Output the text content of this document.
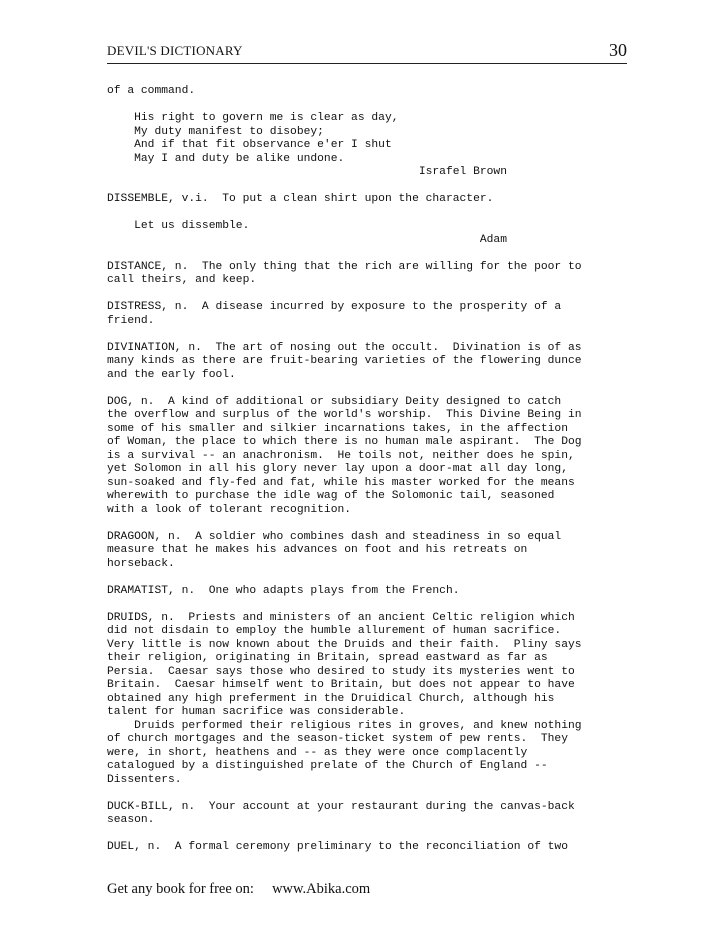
DEVIL'S DICTIONARY	30
of a command.
His right to govern me is clear as day,
My duty manifest to disobey;
And if that fit observance e'er I shut
May I and duty be alike undone.
Israfel Brown
DISSEMBLE, v.i.  To put a clean shirt upon the character.
Let us dissemble.
Adam
DISTANCE, n.  The only thing that the rich are willing for the poor to
call theirs, and keep.
DISTRESS, n.  A disease incurred by exposure to the prosperity of a
friend.
DIVINATION, n.  The art of nosing out the occult.  Divination is of as
many kinds as there are fruit-bearing varieties of the flowering dunce
and the early fool.
DOG, n.  A kind of additional or subsidiary Deity designed to catch
the overflow and surplus of the world's worship.  This Divine Being in
some of his smaller and silkier incarnations takes, in the affection
of Woman, the place to which there is no human male aspirant.  The Dog
is a survival -- an anachronism.  He toils not, neither does he spin,
yet Solomon in all his glory never lay upon a door-mat all day long,
sun-soaked and fly-fed and fat, while his master worked for the means
wherewith to purchase the idle wag of the Solomonic tail, seasoned
with a look of tolerant recognition.
DRAGOON, n.  A soldier who combines dash and steadiness in so equal
measure that he makes his advances on foot and his retreats on
horseback.
DRAMATIST, n.  One who adapts plays from the French.
DRUIDS, n.  Priests and ministers of an ancient Celtic religion which
did not disdain to employ the humble allurement of human sacrifice.
Very little is now known about the Druids and their faith.  Pliny says
their religion, originating in Britain, spread eastward as far as
Persia.  Caesar says those who desired to study its mysteries went to
Britain.  Caesar himself went to Britain, but does not appear to have
obtained any high preferment in the Druidical Church, although his
talent for human sacrifice was considerable.
Druids performed their religious rites in groves, and knew nothing
of church mortgages and the season-ticket system of pew rents.  They
were, in short, heathens and -- as they were once complacently
catalogued by a distinguished prelate of the Church of England --
Dissenters.
DUCK-BILL, n.  Your account at your restaurant during the canvas-back
season.
DUEL, n.  A formal ceremony preliminary to the reconciliation of two
Get any book for free on:     www.Abika.com
